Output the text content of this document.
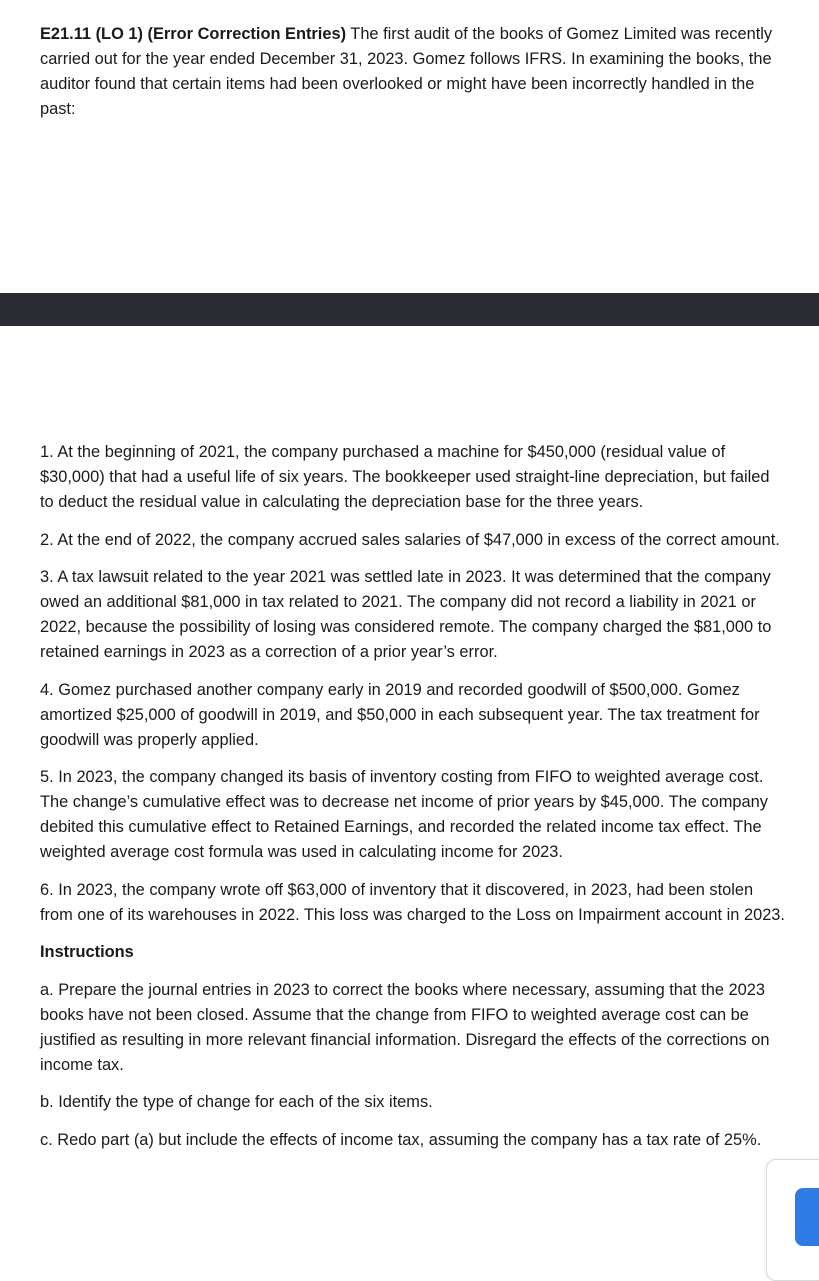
E21.11 (LO 1) (Error Correction Entries) The first audit of the books of Gomez Limited was recently carried out for the year ended December 31, 2023. Gomez follows IFRS. In examining the books, the auditor found that certain items had been overlooked or might have been incorrectly handled in the past:

1. At the beginning of 2021, the company purchased a machine for $450,000 (residual value of $30,000) that had a useful life of six years. The bookkeeper used straight-line depreciation, but failed to deduct the residual value in calculating the depreciation base for the three years.

2. At the end of 2022, the company accrued sales salaries of $47,000 in excess of the correct amount.

3. A tax lawsuit related to the year 2021 was settled late in 2023. It was determined that the company owed an additional $81,000 in tax related to 2021. The company did not record a liability in 2021 or 2022, because the possibility of losing was considered remote. The company charged the $81,000 to retained earnings in 2023 as a correction of a prior year’s error.

4. Gomez purchased another company early in 2019 and recorded goodwill of $500,000. Gomez amortized $25,000 of goodwill in 2019, and $50,000 in each subsequent year. The tax treatment for goodwill was properly applied.

5. In 2023, the company changed its basis of inventory costing from FIFO to weighted average cost. The change’s cumulative effect was to decrease net income of prior years by $45,000. The company debited this cumulative effect to Retained Earnings, and recorded the related income tax effect. The weighted average cost formula was used in calculating income for 2023.

6. In 2023, the company wrote off $63,000 of inventory that it discovered, in 2023, had been stolen from one of its warehouses in 2022. This loss was charged to the Loss on Impairment account in 2023.

Instructions

a. Prepare the journal entries in 2023 to correct the books where necessary, assuming that the 2023 books have not been closed. Assume that the change from FIFO to weighted average cost can be justified as resulting in more relevant financial information. Disregard the effects of the corrections on income tax.

b. Identify the type of change for each of the six items.

c. Redo part (a) but include the effects of income tax, assuming the company has a tax rate of 25%.
